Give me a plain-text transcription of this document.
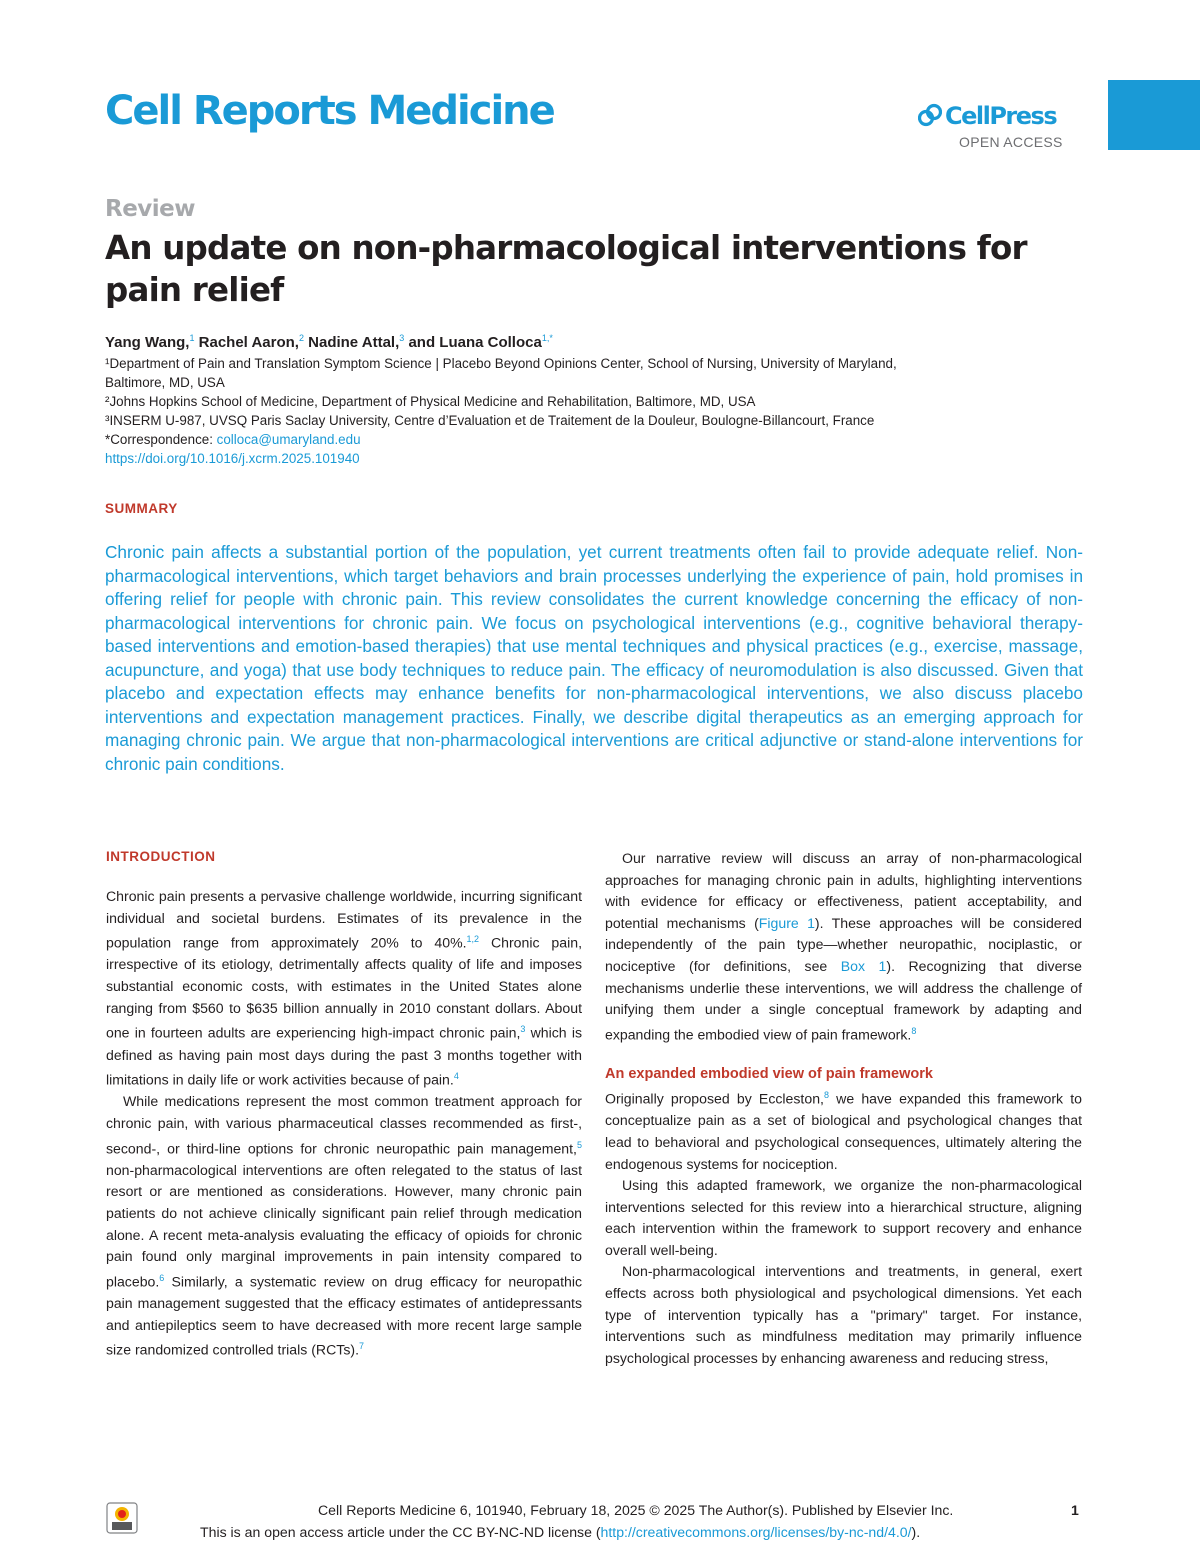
Cell Reports Medicine	CellPress
OPEN ACCESS
Review
An update on non-pharmacological interventions for pain relief
Yang Wang,$^1$ Rachel Aaron,$^2$ Nadine Attal,$^3$ and Luana Colloca$^{1,*}$
¹Department of Pain and Translation Symptom Science | Placebo Beyond Opinions Center, School of Nursing, University of Maryland,
Baltimore, MD, USA
²Johns Hopkins School of Medicine, Department of Physical Medicine and Rehabilitation, Baltimore, MD, USA
³INSERM U-987, UVSQ Paris Saclay University, Centre d’Evaluation et de Traitement de la Douleur, Boulogne-Billancourt, France
*Correspondence: colloca@umaryland.edu
https://doi.org/10.1016/j.xcrm.2025.101940
SUMMARY

Chronic pain affects a substantial portion of the population, yet current treatments often fail to provide adequate relief. Non-pharmacological interventions, which target behaviors and brain processes underlying the experience of pain, hold promises in offering relief for people with chronic pain. This review consolidates the current knowledge concerning the efficacy of non-pharmacological interventions for chronic pain. We focus on psychological interventions (e.g., cognitive behavioral therapy-based interventions and emotion-based therapies) that use mental techniques and physical practices (e.g., exercise, massage, acupuncture, and yoga) that use body techniques to reduce pain. The efficacy of neuromodulation is also discussed. Given that placebo and expectation effects may enhance benefits for non-pharmacological interventions, we also discuss placebo interventions and expectation management practices. Finally, we describe digital therapeutics as an emerging approach for managing chronic pain. We argue that non-pharmacological interventions are critical adjunctive or stand-alone interventions for chronic pain conditions.

INTRODUCTION

Chronic pain presents a pervasive challenge worldwide, incurring significant individual and societal burdens. Estimates of its prevalence in the population range from approximately 20% to 40%.$^{1,2}$ Chronic pain, irrespective of its etiology, detrimentally affects quality of life and imposes substantial economic costs, with estimates in the United States alone ranging from $560 to $635 billion annually in 2010 constant dollars. About one in fourteen adults are experiencing high-impact chronic pain,$^3$ which is defined as having pain most days during the past 3 months together with limitations in daily life or work activities because of pain.$^4$

While medications represent the most common treatment approach for chronic pain, with various pharmaceutical classes recommended as first-, second-, or third-line options for chronic neuropathic pain management,$^5$ non-pharmacological interventions are often relegated to the status of last resort or are mentioned as considerations. However, many chronic pain patients do not achieve clinically significant pain relief through medication alone. A recent meta-analysis evaluating the efficacy of opioids for chronic pain found only marginal improvements in pain intensity compared to placebo.$^6$ Similarly, a systematic review on drug efficacy for neuropathic pain management suggested that the efficacy estimates of antidepressants and antiepileptics seem to have decreased with more recent large sample size randomized controlled trials (RCTs).$^7$

Our narrative review will discuss an array of non-pharmacological approaches for managing chronic pain in adults, highlighting interventions with evidence for efficacy or effectiveness, patient acceptability, and potential mechanisms (Figure 1). These approaches will be considered independently of the pain type—whether neuropathic, nociplastic, or nociceptive (for definitions, see Box 1). Recognizing that diverse mechanisms underlie these interventions, we will address the challenge of unifying them under a single conceptual framework by adapting and expanding the embodied view of pain framework.$^8$

An expanded embodied view of pain framework

Originally proposed by Eccleston,$^8$ we have expanded this framework to conceptualize pain as a set of biological and psychological changes that lead to behavioral and psychological consequences, ultimately altering the endogenous systems for nociception.

Using this adapted framework, we organize the non-pharmacological interventions selected for this review into a hierarchical structure, aligning each intervention within the framework to support recovery and enhance overall well-being.

Non-pharmacological interventions and treatments, in general, exert effects across both physiological and psychological dimensions. Yet each type of intervention typically has a "primary" target. For instance, interventions such as mindfulness meditation may primarily influence psychological processes by enhancing awareness and reducing stress,

Cell Reports Medicine 6, 101940, February 18, 2025 © 2025 The Author(s). Published by Elsevier Inc.	1
This is an open access article under the CC BY-NC-ND license (http://creativecommons.org/licenses/by-nc-nd/4.0/).
